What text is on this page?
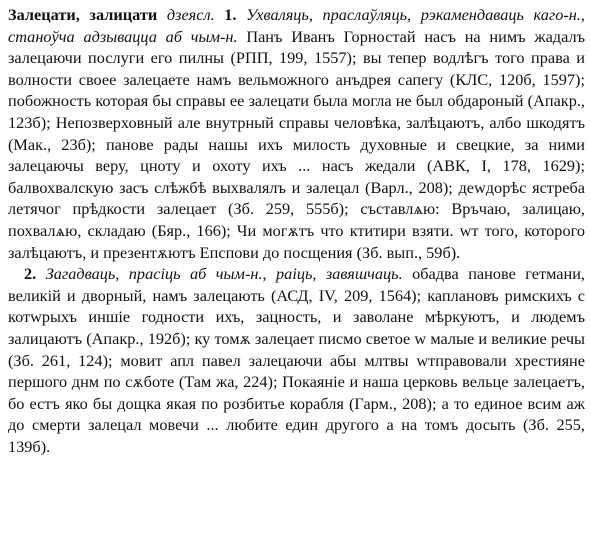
Залецати, залицати дзеясл. 1. Ухваляць, праслаўляць, рэкамендаваць каго-н., станоўча адзывацца аб чым-н. Панъ Иванъ Горностай насъ на нимъ жадалъ залецаючи послуги его пилны (РПП, 199, 1557); вы тепер водлѣгъ того права и волности своее залецаете намъ вельможного анъдрея сапегу (КЛС, 120б, 1597); побожность которая бы справы ее залецати была могла не был обдароный (Апакр., 123б); Непозверховный але внутрный справы человѣка, залѣцаютъ, албо шкодятъ (Мак., 23б); панове рады нашы ихъ милость духовные и свецкие, за ними залецаючы веру, цноту и охоту ихъ ... насъ жедали (АВК, I, 178, 1629); балвохвалскую засъ слѣжбѣ выхвалялъ и залецал (Варл., 208); деwдорѣс ястреба летячог прѣдкости залецает (Зб. 259, 555б); съставлѧю: Връчаю, залицаю, похвалѧю, складаю (Бяр., 166); Чи могѫтъ что ктитири взяти. wт того, которого залѣцаютъ, и презентѫютъ Епспови до посщения (Зб. вып., 59б).

2. Загадваць, прасіць аб чым-н., раіць, завяшчаць. обадва панове гетмани, великій и дворный, намъ залецають (АСД, IV, 209, 1564); каплановъ римскихъ с котwрыхъ иншіе годности ихъ, зацность, и заволане мѣркуютъ, и людемъ залицаютъ (Апакр., 192б); ку томѫ залецает писмо светое w малые и великие речы (Зб. 261, 124); мовит апл павел залецаючи абы млтвы wтправовали хрестияне першого днм по сѫботе (Там жа, 224); Покаяніе и наша церковь вельце залецаетъ, бо естъ яко бы дощка якая по розбитье корабля (Гарм., 208); а то единое всим аж до смерти залецал мовечи ... любите един другого а на томъ досыть (Зб. 255, 139б).
